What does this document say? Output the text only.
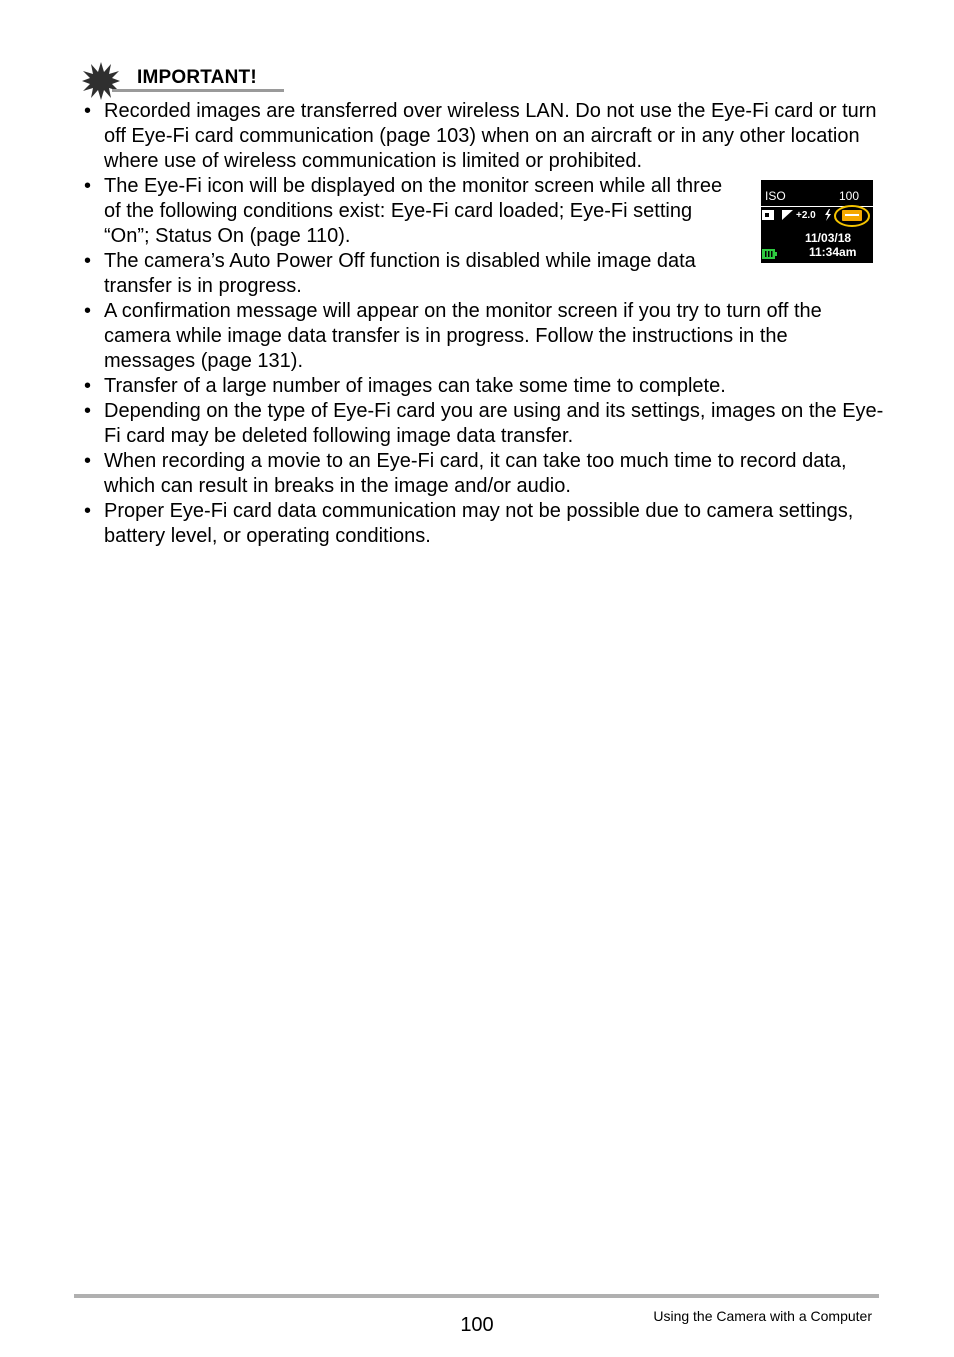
IMPORTANT!
• Recorded images are transferred over wireless LAN. Do not use the Eye-Fi card or turn off Eye-Fi card communication (page 103) when on an aircraft or in any other location where use of wireless communication is limited or prohibited.
• The Eye-Fi icon will be displayed on the monitor screen while all three of the following conditions exist: Eye-Fi card loaded; Eye-Fi setting “On”; Status On (page 110).
• The camera’s Auto Power Off function is disabled while image data transfer is in progress.
• A confirmation message will appear on the monitor screen if you try to turn off the camera while image data transfer is in progress. Follow the instructions in the messages (page 131).
• Transfer of a large number of images can take some time to complete.
• Depending on the type of Eye-Fi card you are using and its settings, images on the Eye-Fi card may be deleted following image data transfer.
• When recording a movie to an Eye-Fi card, it can take too much time to record data, which can result in breaks in the image and/or audio.
• Proper Eye-Fi card data communication may not be possible due to camera settings, battery level, or operating conditions.
ISO	100
+2.0
11/03/18
11:34am
100	Using the Camera with a Computer
